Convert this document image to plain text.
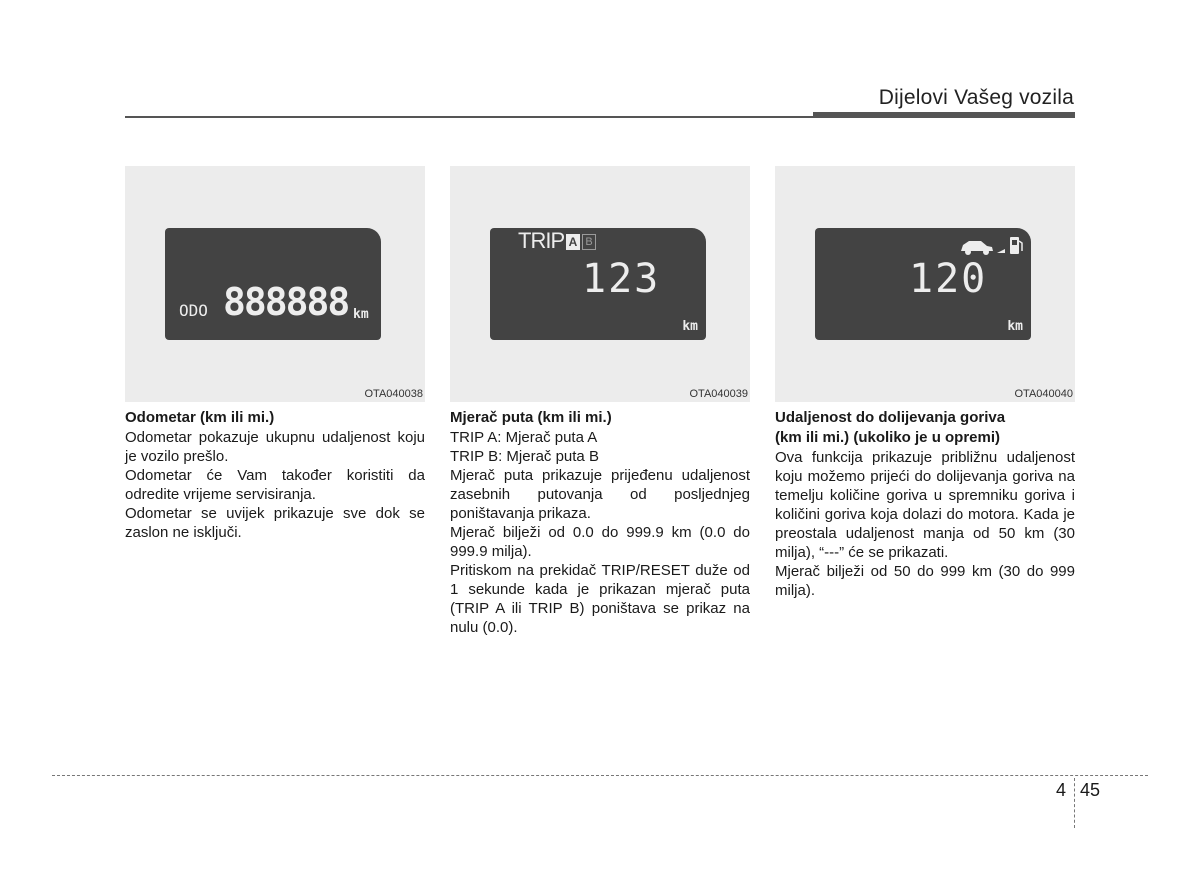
Dijelovi Vašeg vozila
ODO 888888 km
OTA040038

Odometar (km ili mi.)

Odometar pokazuje ukupnu udaljenost koju je vozilo prešlo.

Odometar će Vam također koristiti da odredite vrijeme servisiranja.

Odometar se uvijek prikazuje sve dok se zaslon ne isključi.

TRIP A B
123
km
OTA040039

Mjerač puta (km ili mi.)

TRIP A: Mjerač puta A

TRIP B: Mjerač puta B

Mjerač puta prikazuje prijeđenu udaljenost zasebnih putovanja od posljednjeg poništavanja prikaza.

Mjerač bilježi od 0.0 do 999.9 km (0.0 do 999.9 milja).

Pritiskom na prekidač TRIP/RESET duže od 1 sekunde kada je prikazan mjerač puta (TRIP A ili TRIP B) poništava se prikaz na nulu (0.0).

120
km
OTA040040

Udaljenost do dolijevanja goriva

(km ili mi.) (ukoliko je u opremi)

Ova funkcija prikazuje približnu udaljenost koju možemo prijeći do dolijevanja goriva na temelju količine goriva u spremniku goriva i količini goriva koja dolazi do motora. Kada je preostala udaljenost manja od 50 km (30 milja), “---” će se prikazati.

Mjerač bilježi od 50 do 999 km (30 do 999 milja).

4 45
